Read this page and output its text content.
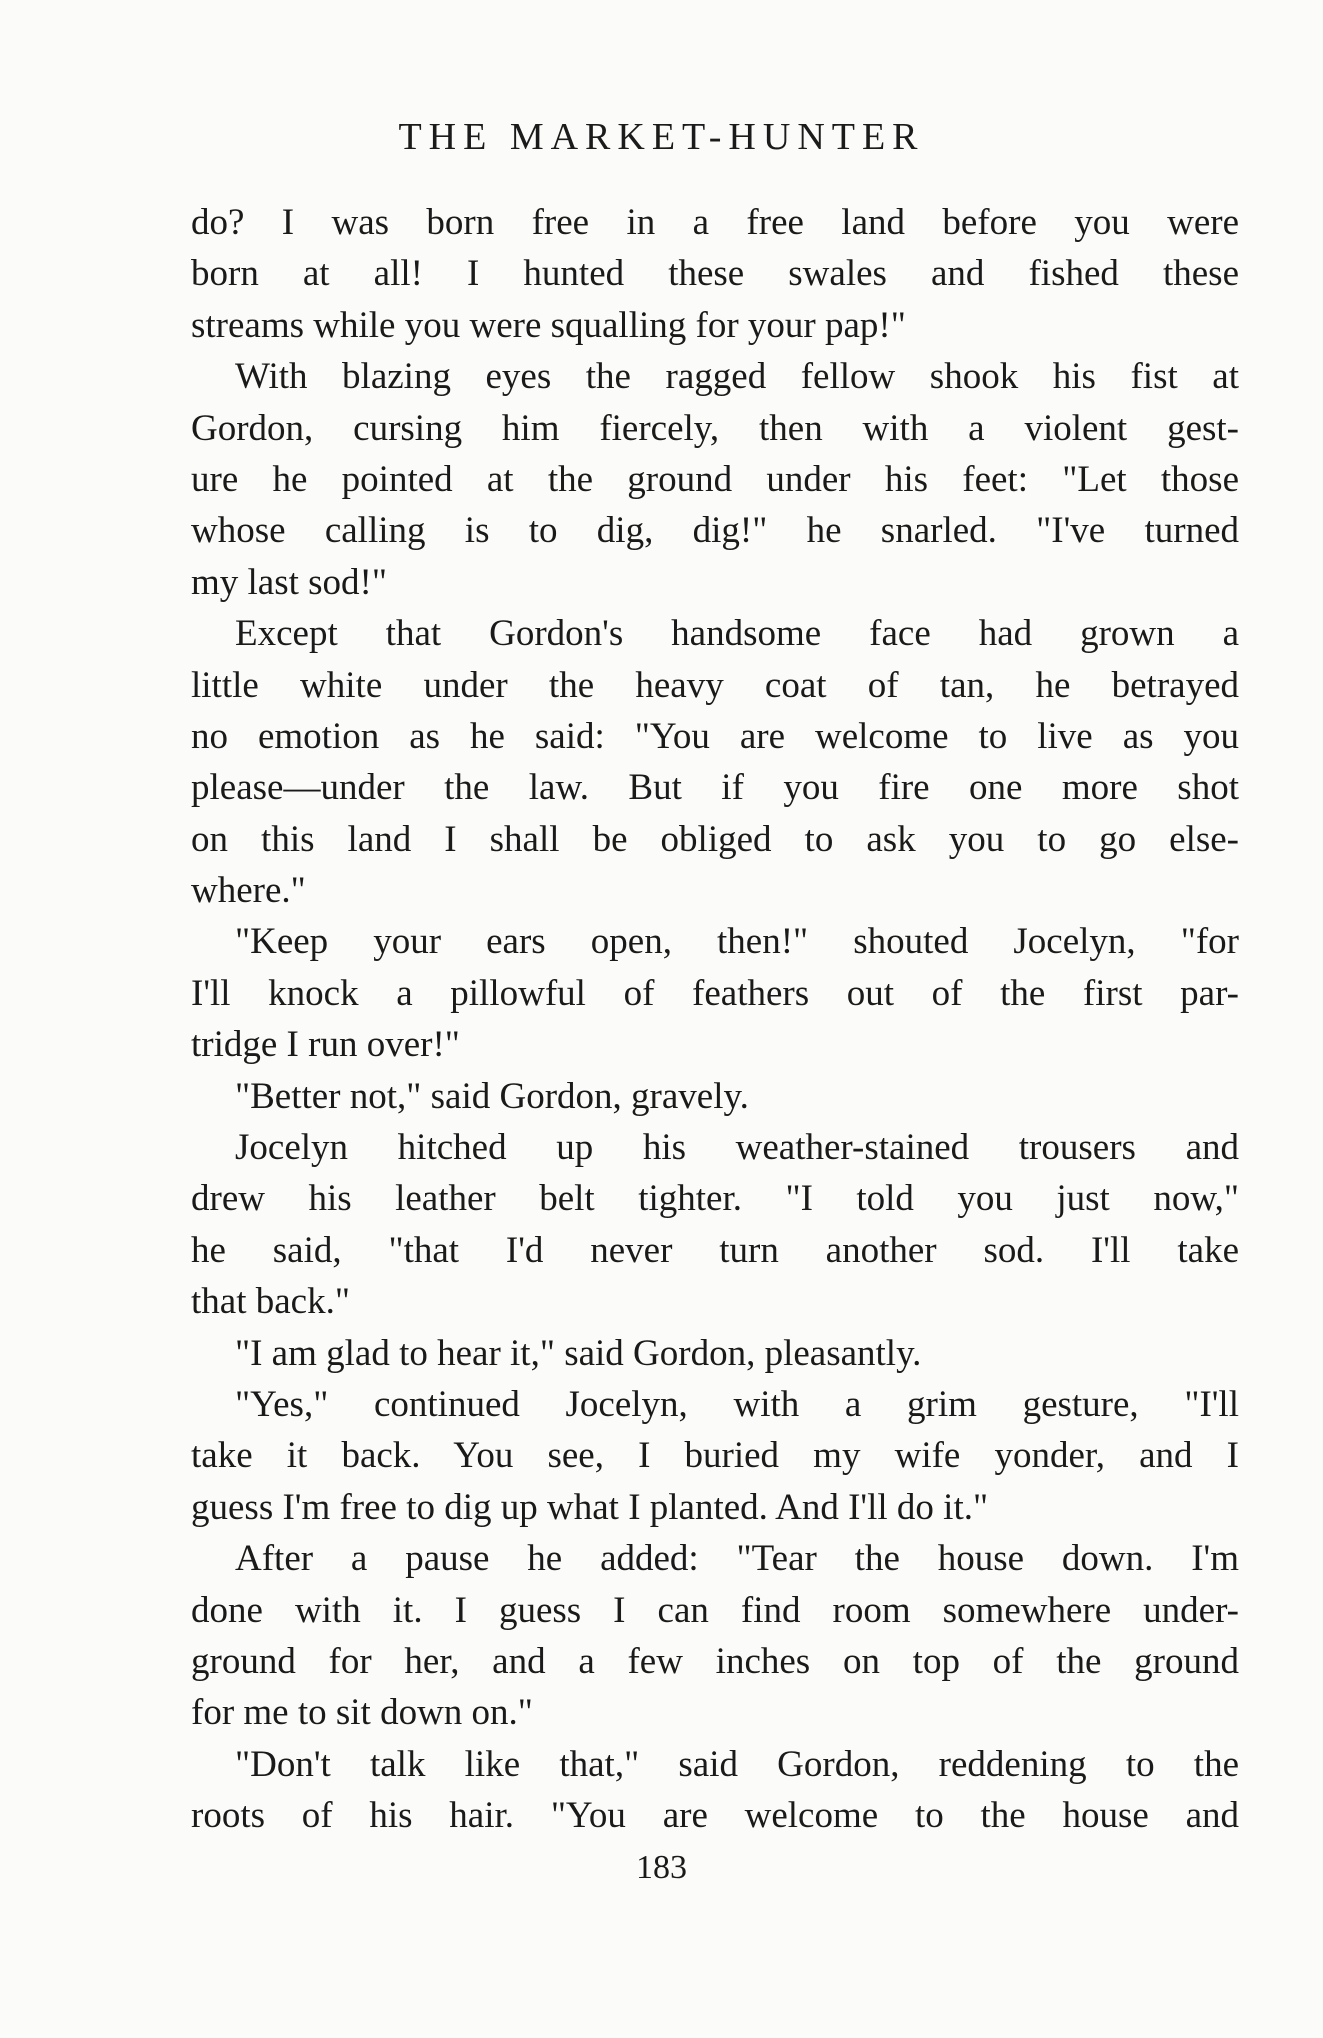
THE MARKET-HUNTER
do? I was born free in a free land before you were
born at all! I hunted these swales and fished these
streams while you were squalling for your pap!"
With blazing eyes the ragged fellow shook his fist at
Gordon, cursing him fiercely, then with a violent gest-
ure he pointed at the ground under his feet: "Let those
whose calling is to dig, dig!" he snarled. "I've turned
my last sod!"
Except that Gordon's handsome face had grown a
little white under the heavy coat of tan, he betrayed
no emotion as he said: "You are welcome to live as you
please—under the law. But if you fire one more shot
on this land I shall be obliged to ask you to go else-
where."
"Keep your ears open, then!" shouted Jocelyn, "for
I'll knock a pillowful of feathers out of the first par-
tridge I run over!"
"Better not," said Gordon, gravely.
Jocelyn hitched up his weather-stained trousers and
drew his leather belt tighter. "I told you just now,"
he said, "that I'd never turn another sod. I'll take
that back."
"I am glad to hear it," said Gordon, pleasantly.
"Yes," continued Jocelyn, with a grim gesture, "I'll
take it back. You see, I buried my wife yonder, and I
guess I'm free to dig up what I planted. And I'll do it."
After a pause he added: "Tear the house down. I'm
done with it. I guess I can find room somewhere under-
ground for her, and a few inches on top of the ground
for me to sit down on."
"Don't talk like that," said Gordon, reddening to the
roots of his hair. "You are welcome to the house and
183
